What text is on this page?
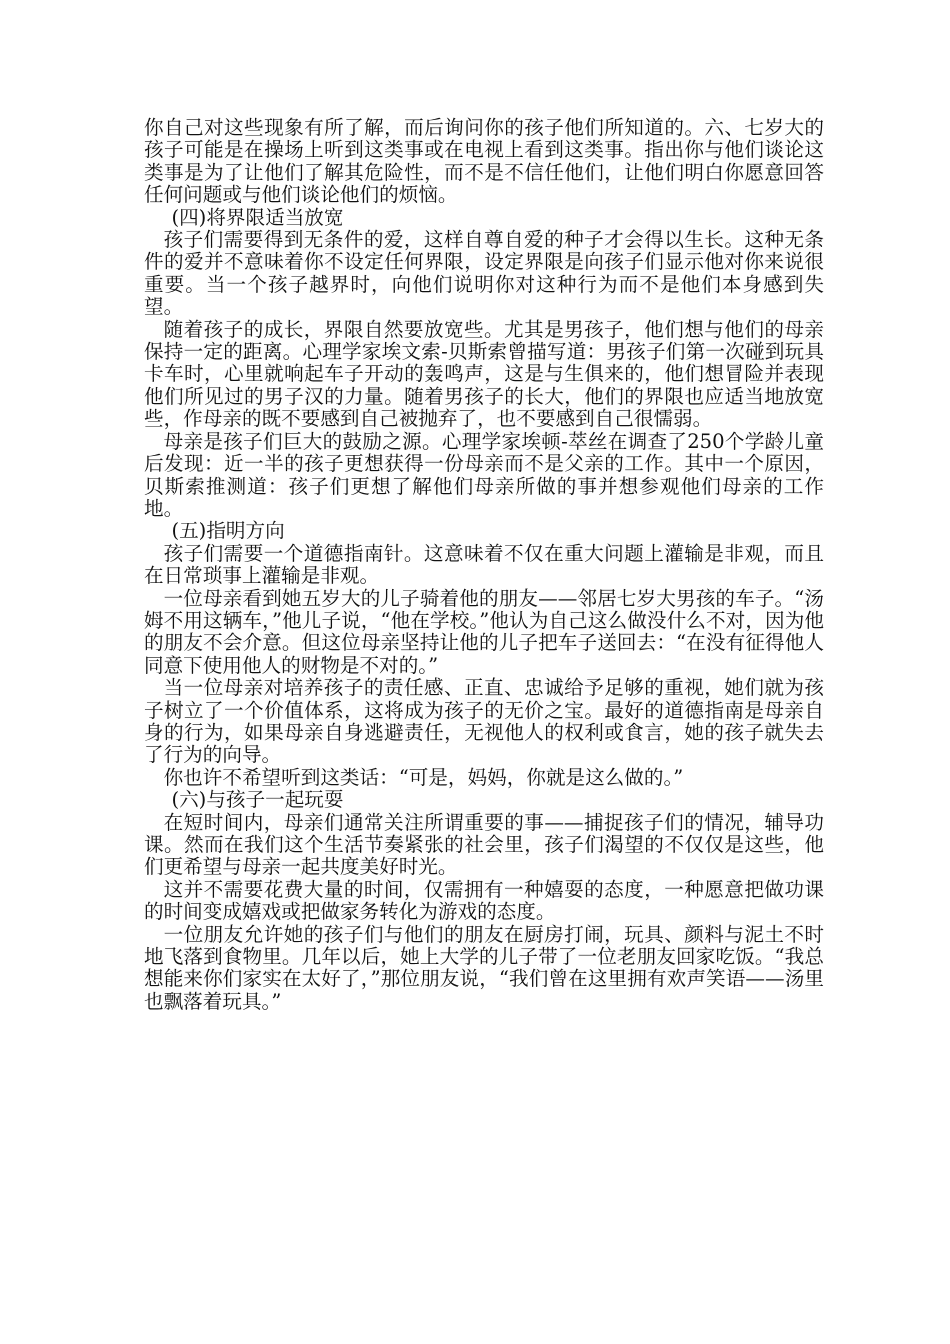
你自己对这些现象有所了解，而后询问你的孩子他们所知道的。六、七岁大的孩子可能是在操场上听到这类事或在电视上看到这类事。指出你与他们谈论这类事是为了让他们了解其危险性，而不是不信任他们，让他们明白你愿意回答任何问题或与他们谈论他们的烦恼。

(四)将界限适当放宽

孩子们需要得到无条件的爱，这样自尊自爱的种子才会得以生长。这种无条件的爱并不意味着你不设定任何界限，设定界限是向孩子们显示他对你来说很重要。当一个孩子越界时，向他们说明你对这种行为而不是他们本身感到失望。

随着孩子的成长，界限自然要放宽些。尤其是男孩子，他们想与他们的母亲保持一定的距离。心理学家埃文索-贝斯索曾描写道：男孩子们第一次碰到玩具卡车时，心里就响起车子开动的轰鸣声，这是与生俱来的，他们想冒险并表现他们所见过的男子汉的力量。随着男孩子的长大，他们的界限也应适当地放宽些，作母亲的既不要感到自己被抛弃了，也不要感到自己很懦弱。

母亲是孩子们巨大的鼓励之源。心理学家埃顿-萃丝在调查了250个学龄儿童后发现：近一半的孩子更想获得一份母亲而不是父亲的工作。其中一个原因，贝斯索推测道：孩子们更想了解他们母亲所做的事并想参观他们母亲的工作地。

(五)指明方向

孩子们需要一个道德指南针。这意味着不仅在重大问题上灌输是非观，而且在日常琐事上灌输是非观。

一位母亲看到她五岁大的儿子骑着他的朋友——邻居七岁大男孩的车子。“汤姆不用这辆车，”他儿子说，“他在学校。”他认为自己这么做没什么不对，因为他的朋友不会介意。但这位母亲坚持让他的儿子把车子送回去：“在没有征得他人同意下使用他人的财物是不对的。”

当一位母亲对培养孩子的责任感、正直、忠诚给予足够的重视，她们就为孩子树立了一个价值体系，这将成为孩子的无价之宝。最好的道德指南是母亲自身的行为，如果母亲自身逃避责任，无视他人的权利或食言，她的孩子就失去了行为的向导。

你也许不希望听到这类话：“可是，妈妈，你就是这么做的。”

(六)与孩子一起玩耍

在短时间内，母亲们通常关注所谓重要的事——捕捉孩子们的情况，辅导功课。然而在我们这个生活节奏紧张的社会里，孩子们渴望的不仅仅是这些，他们更希望与母亲一起共度美好时光。

这并不需要花费大量的时间，仅需拥有一种嬉耍的态度，一种愿意把做功课的时间变成嬉戏或把做家务转化为游戏的态度。

一位朋友允许她的孩子们与他们的朋友在厨房打闹，玩具、颜料与泥土不时地飞落到食物里。几年以后，她上大学的儿子带了一位老朋友回家吃饭。“我总想能来你们家实在太好了，”那位朋友说，“我们曾在这里拥有欢声笑语——汤里也飘落着玩具。”
